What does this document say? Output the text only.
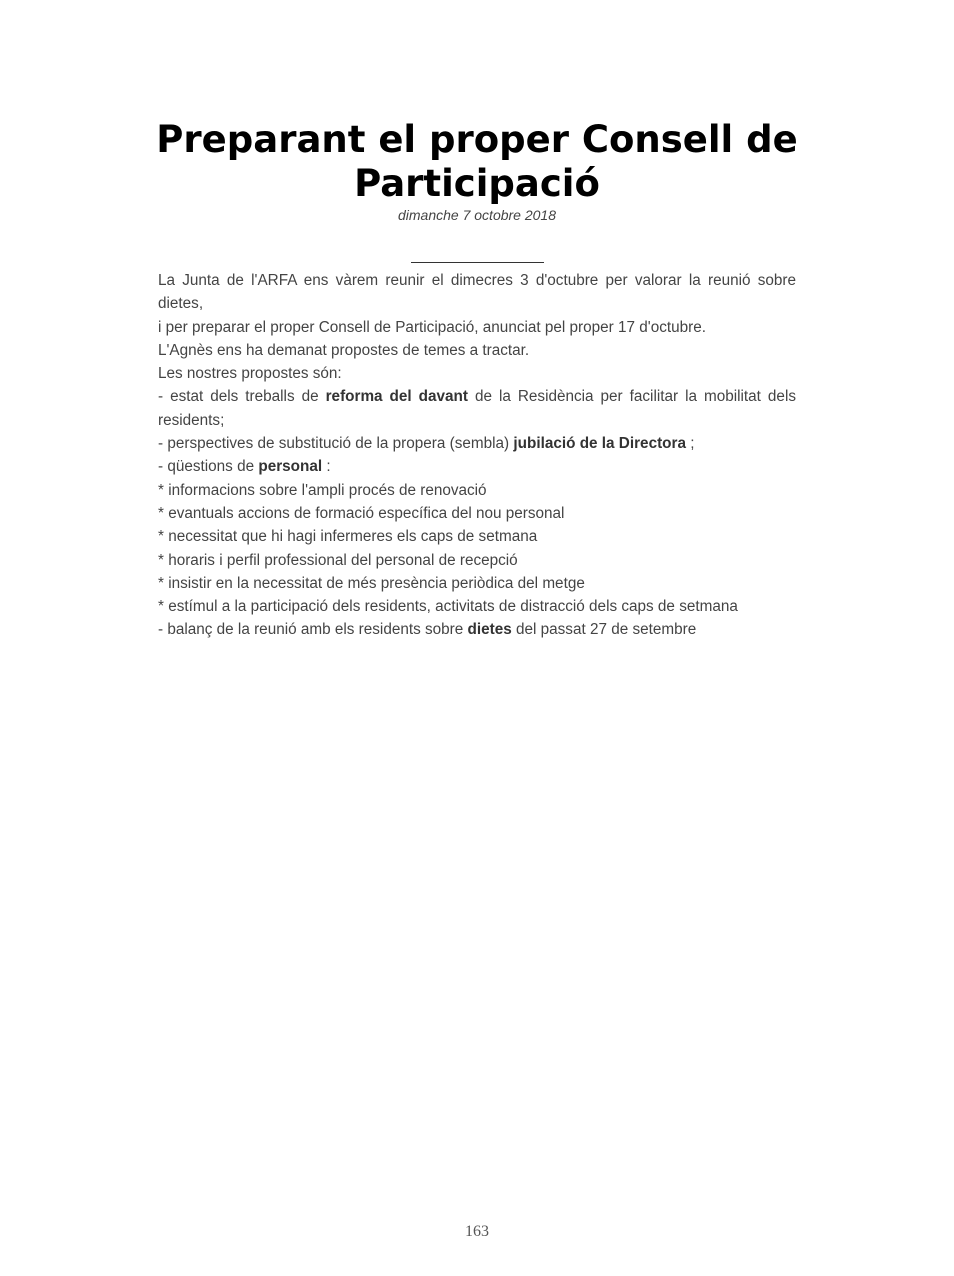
Preparant el proper Consell de
Participació
dimanche 7 octobre 2018

La Junta de l'ARFA ens vàrem reunir el dimecres 3 d'octubre per valorar la reunió sobre dietes,

i per preparar el proper Consell de Participació, anunciat pel proper 17 d'octubre.

L'Agnès ens ha demanat propostes de temes a tractar.

Les nostres propostes són:

- estat dels treballs de reforma del davant de la Residència per facilitar la mobilitat dels residents;

- perspectives de substitució de la propera (sembla) jubilació de la Directora ;

- qüestions de personal :

* informacions sobre l'ampli procés de renovació

* evantuals accions de formació específica del nou personal

* necessitat que hi hagi infermeres els caps de setmana

* horaris i perfil professional del personal de recepció

* insistir en la necessitat de més presència periòdica del metge

* estímul a la participació dels residents, activitats de distracció dels caps de setmana

- balanç de la reunió amb els residents sobre dietes del passat 27 de setembre

163
